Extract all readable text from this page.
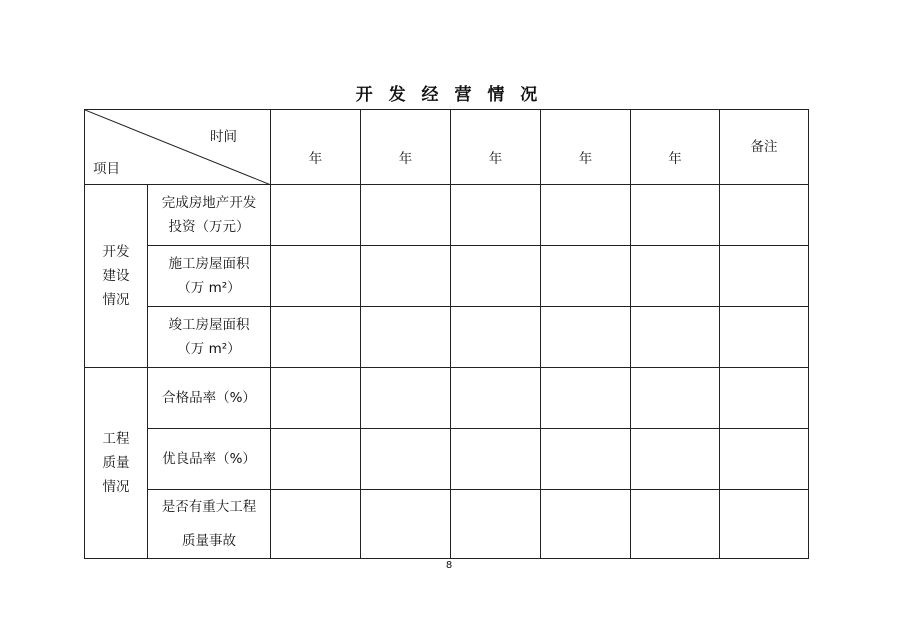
开 发 经 营 情 况
时间
项目		年	年	年	年	年	备注

开发
建设
情况	完成房地产开发
投资（万元）						

	施工房屋面积
（万 m²）						

	竣工房屋面积
（万 m²）						

工程
质量
情况	合格品率（%）						

	优良品率（%）						

	是否有重大工程
质量事故						

8
